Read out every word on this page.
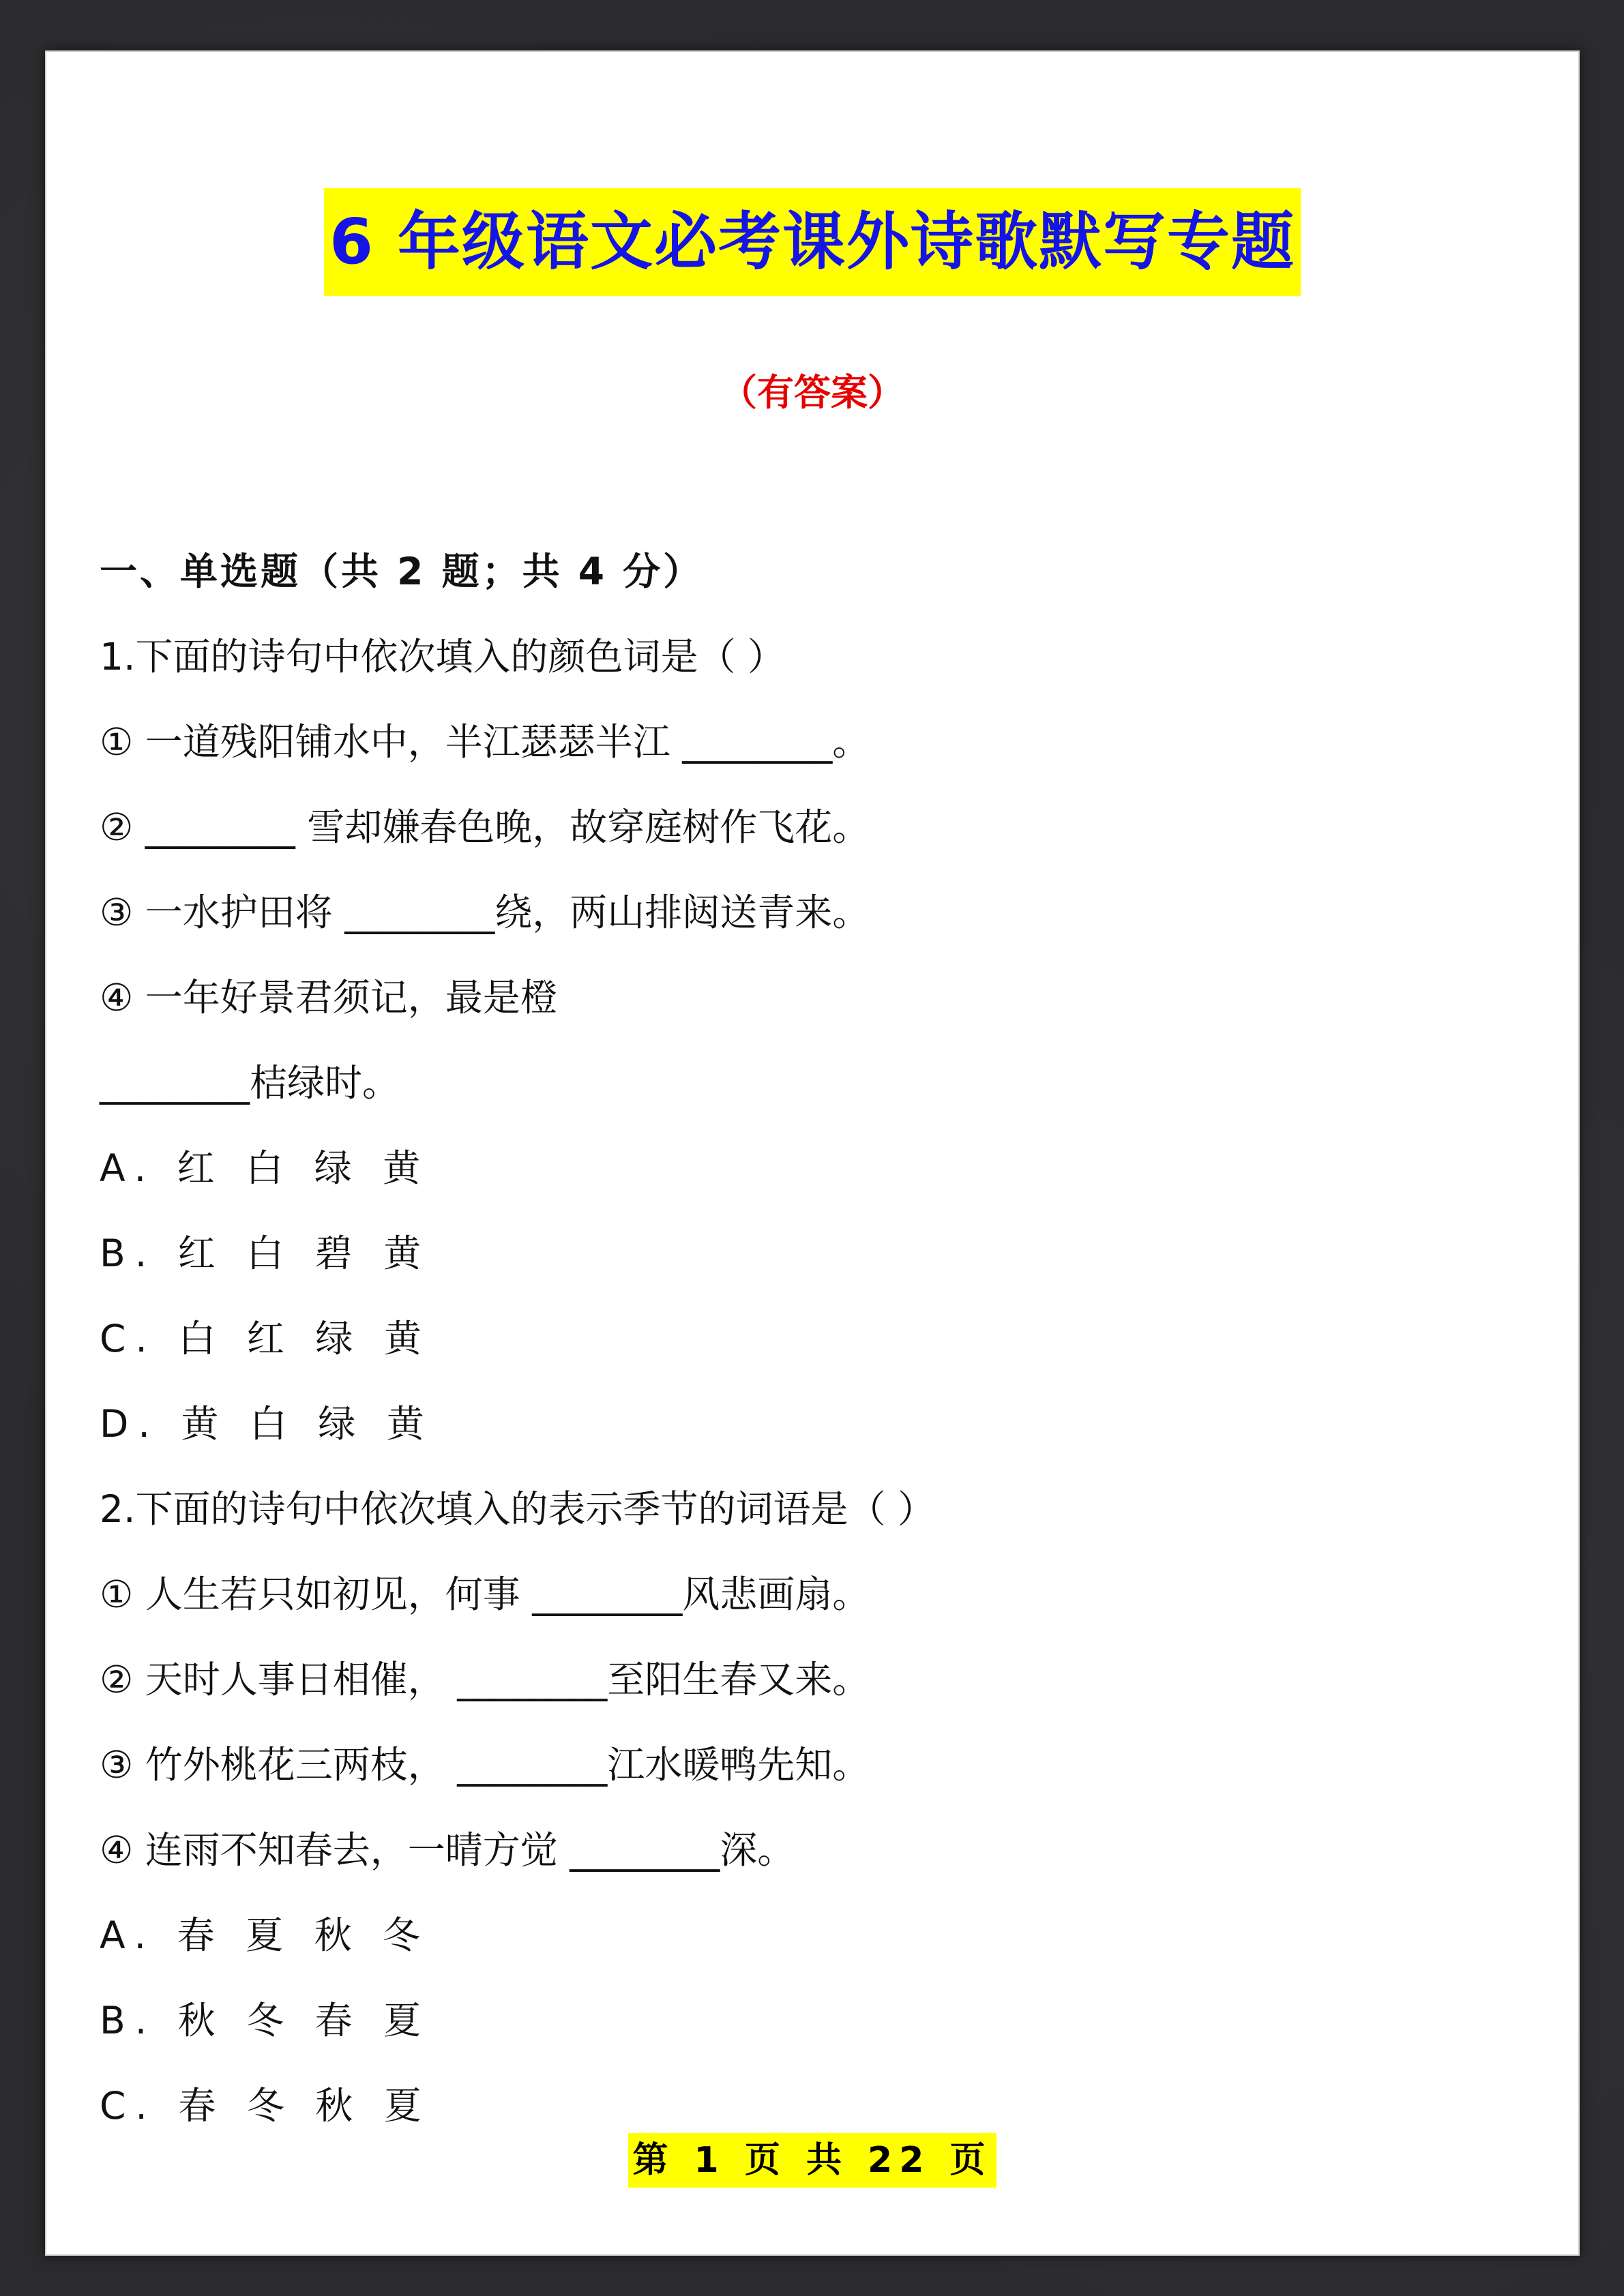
6 年级语文必考课外诗歌默写专题
（有答案）
一、单选题（共 2 题；共 4 分）
1.下面的诗句中依次填入的颜色词是（ ）
① 一道残阳铺水中，半江瑟瑟半江 ________。
② ________ 雪却嫌春色晚，故穿庭树作飞花。
③ 一水护田将 ________绕，两山排闼送青来。
④ 一年好景君须记，最是橙
________桔绿时。
A. 红 白 绿 黄
B. 红 白 碧 黄
C. 白 红 绿 黄
D. 黄 白 绿 黄
2.下面的诗句中依次填入的表示季节的词语是（ ）
① 人生若只如初见，何事 ________风悲画扇。
② 天时人事日相催， ________至阳生春又来。
③ 竹外桃花三两枝， ________江水暖鸭先知。
④ 连雨不知春去，一晴方觉 ________深。
A. 春 夏 秋 冬
B. 秋 冬 春 夏
C. 春 冬 秋 夏
第 1 页 共 22 页
